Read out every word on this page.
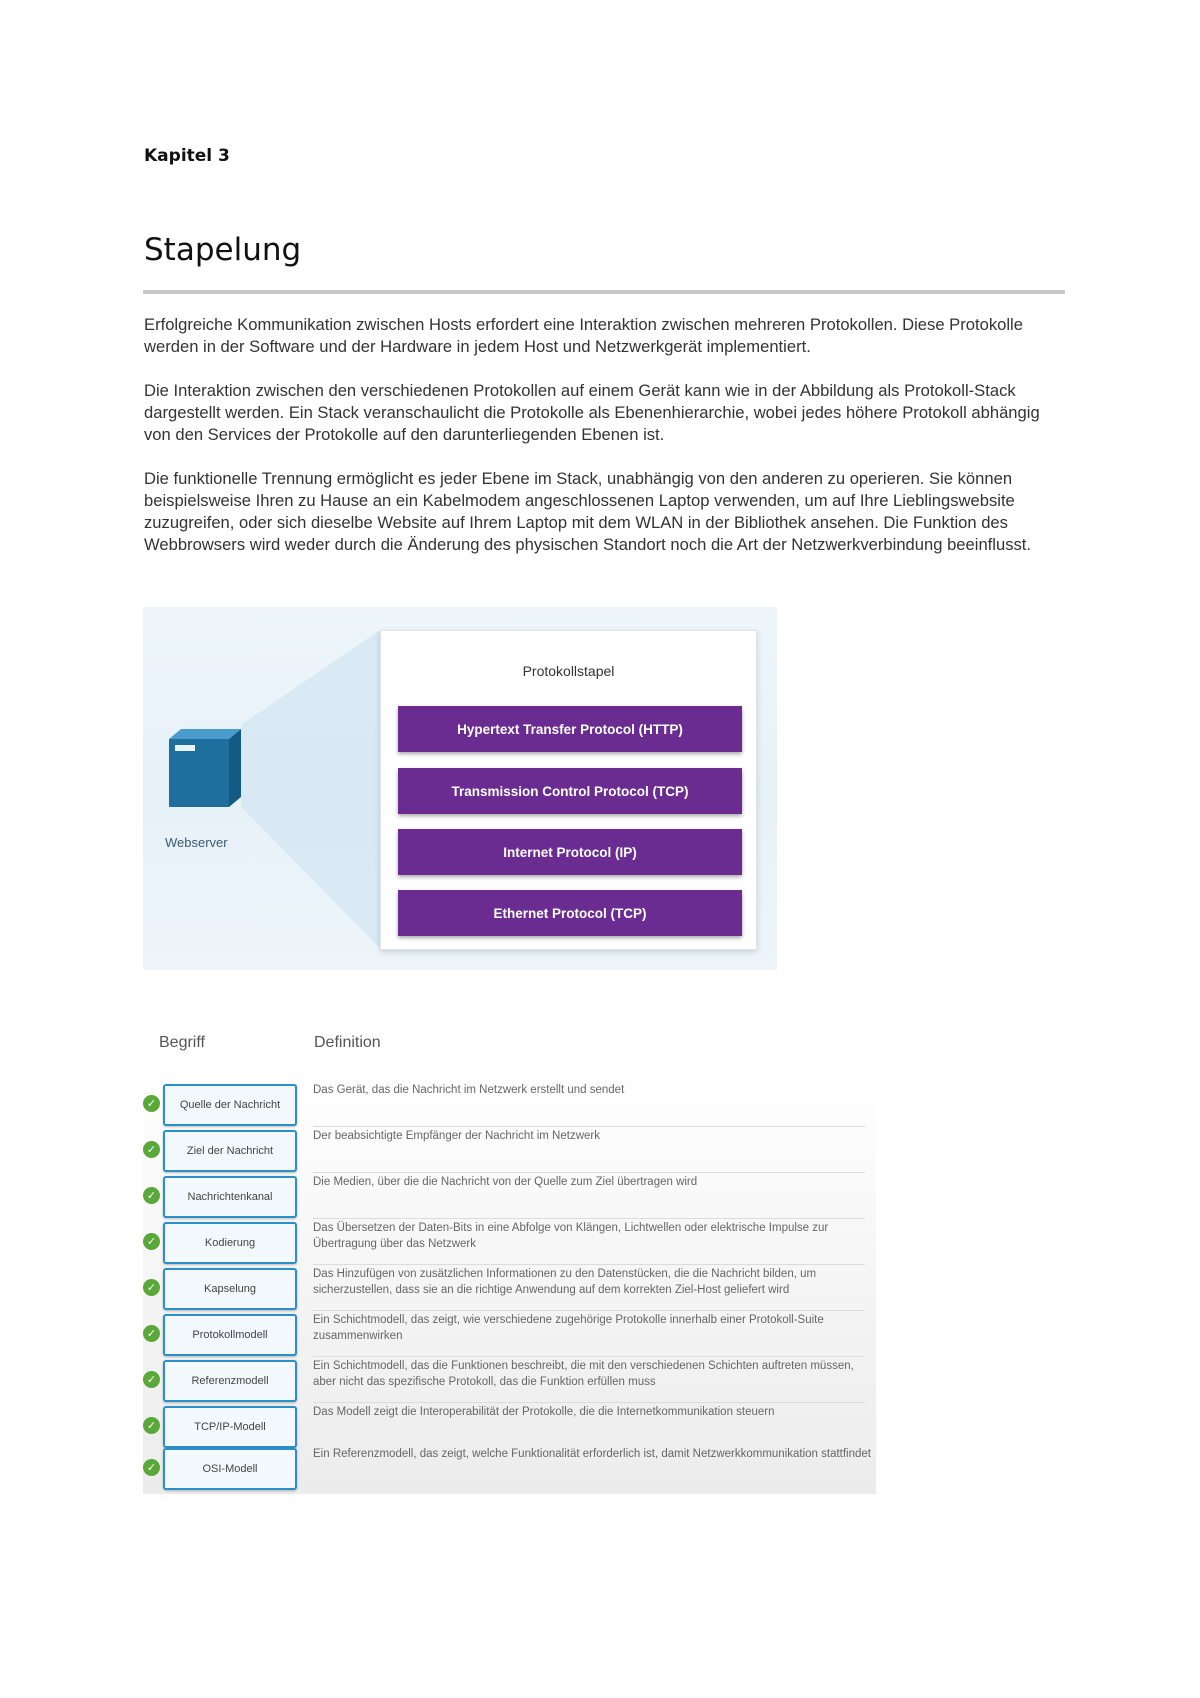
Kapitel 3
Stapelung

Erfolgreiche Kommunikation zwischen Hosts erfordert eine Interaktion zwischen mehreren Protokollen. Diese Protokolle werden in der Software und der Hardware in jedem Host und Netzwerkgerät implementiert.

Die Interaktion zwischen den verschiedenen Protokollen auf einem Gerät kann wie in der Abbildung als Protokoll-Stack dargestellt werden. Ein Stack veranschaulicht die Protokolle als Ebenenhierarchie, wobei jedes höhere Protokoll abhängig von den Services der Protokolle auf den darunterliegenden Ebenen ist.

Die funktionelle Trennung ermöglicht es jeder Ebene im Stack, unabhängig von den anderen zu operieren. Sie können beispielsweise Ihren zu Hause an ein Kabelmodem angeschlossenen Laptop verwenden, um auf Ihre Lieblingswebsite zuzugreifen, oder sich dieselbe Website auf Ihrem Laptop mit dem WLAN in der Bibliothek ansehen. Die Funktion des Webbrowsers wird weder durch die Änderung des physischen Standort noch die Art der Netzwerkverbindung beeinflusst.

Webserver
Protokollstapel
Hypertext Transfer Protocol (HTTP)
Transmission Control Protocol (TCP)
Internet Protocol (IP)
Ethernet Protocol (TCP)
Begriff	Definition
✓	Quelle der Nachricht
Das Gerät, das die Nachricht im Netzwerk erstellt und sendet
✓	Ziel der Nachricht
Der beabsichtigte Empfänger der Nachricht im Netzwerk
✓	Nachrichtenkanal
Die Medien, über die die Nachricht von der Quelle zum Ziel übertragen wird
✓	Kodierung
Das Übersetzen der Daten-Bits in eine Abfolge von Klängen, Lichtwellen oder elektrische Impulse zur Übertragung über das Netzwerk
✓	Kapselung
Das Hinzufügen von zusätzlichen Informationen zu den Datenstücken, die die Nachricht bilden, um sicherzustellen, dass sie an die richtige Anwendung auf dem korrekten Ziel-Host geliefert wird
✓	Protokollmodell
Ein Schichtmodell, das zeigt, wie verschiedene zugehörige Protokolle innerhalb einer Protokoll-Suite zusammenwirken
✓	Referenzmodell
Ein Schichtmodell, das die Funktionen beschreibt, die mit den verschiedenen Schichten auftreten müssen, aber nicht das spezifische Protokoll, das die Funktion erfüllen muss
✓	TCP/IP-Modell
Das Modell zeigt die Interoperabilität der Protokolle, die die Internetkommunikation steuern
✓	OSI-Modell
Ein Referenzmodell, das zeigt, welche Funktionalität erforderlich ist, damit Netzwerkkommunikation stattfindet
